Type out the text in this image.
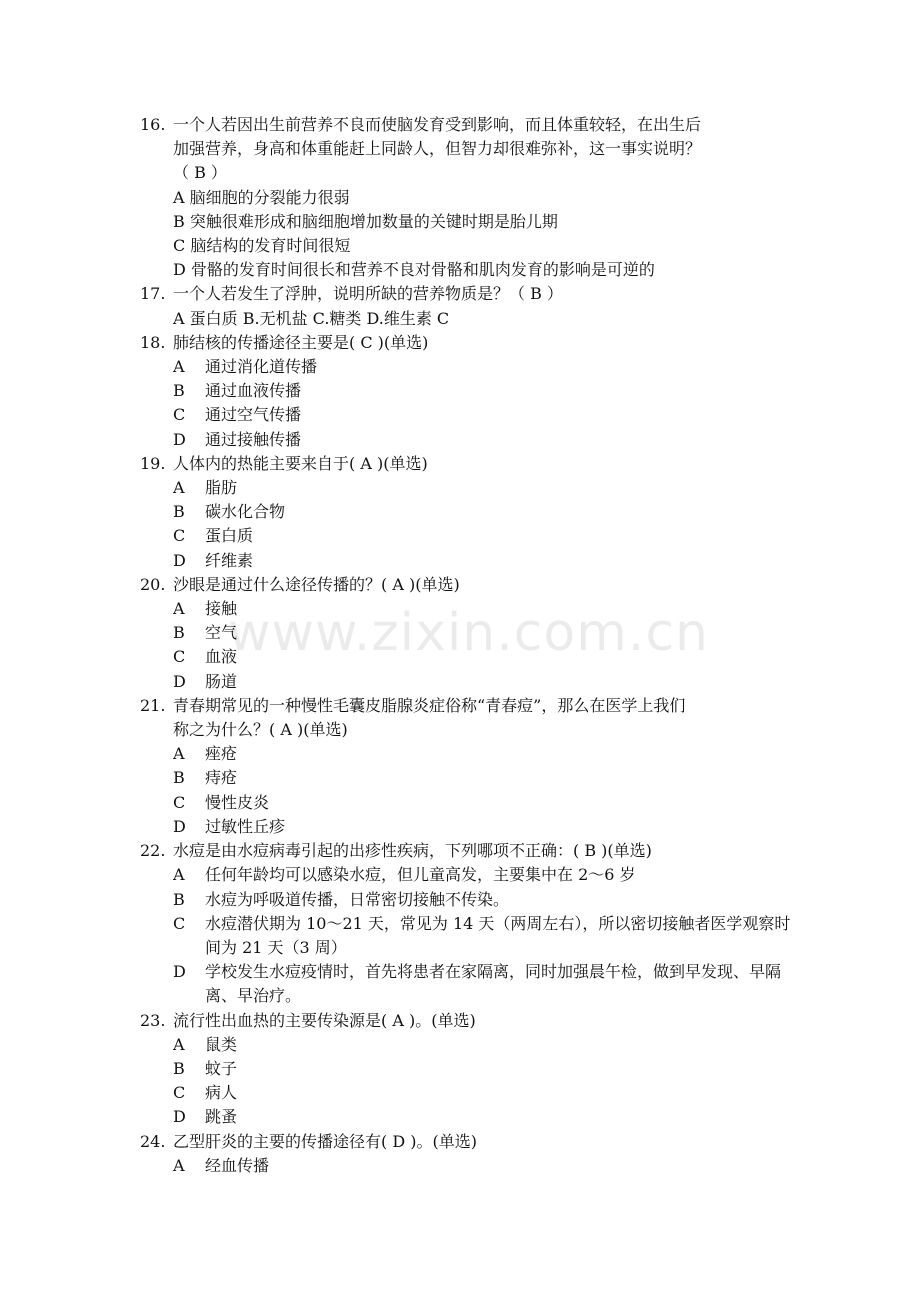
16. 一个人若因出生前营养不良而使脑发育受到影响，而且体重较轻，在出生后
加强营养，身高和体重能赶上同龄人，但智力却很难弥补，这一事实说明？
（ B ）
A 脑细胞的分裂能力很弱
B 突触很难形成和脑细胞增加数量的关键时期是胎儿期
C 脑结构的发育时间很短
D 骨骼的发育时间很长和营养不良对骨骼和肌肉发育的影响是可逆的
17. 一个人若发生了浮肿，说明所缺的营养物质是？（ B ）
A 蛋白质 B.无机盐 C.糖类 D.维生素 C
18. 肺结核的传播途径主要是( C )(单选)
A	通过消化道传播
B	通过血液传播
C	通过空气传播
D	通过接触传播
19. 人体内的热能主要来自于( A )(单选)
A	脂肪
B	碳水化合物
C	蛋白质
D	纤维素
20. 沙眼是通过什么途径传播的？( A )(单选)
A	接触
B	空气
C	血液
D	肠道
21. 青春期常见的一种慢性毛囊皮脂腺炎症俗称“青春痘”，那么在医学上我们
称之为什么？( A )(单选)
A	痤疮
B	痔疮
C	慢性皮炎
D	过敏性丘疹
22. 水痘是由水痘病毒引起的出疹性疾病，下列哪项不正确：( B )(单选)
A	任何年龄均可以感染水痘，但儿童高发，主要集中在 2～6 岁
B	水痘为呼吸道传播，日常密切接触不传染。
C	水痘潜伏期为 10～21 天，常见为 14 天（两周左右），所以密切接触者医学观察时间为 21 天（3 周）
D	学校发生水痘疫情时，首先将患者在家隔离，同时加强晨午检，做到早发现、早隔离、早治疗。
23. 流行性出血热的主要传染源是( A )。(单选)
A	鼠类
B	蚊子
C	病人
D	跳蚤
24. 乙型肝炎的主要的传播途径有( D )。(单选)
A	经血传播
www.zixin.com.cn
